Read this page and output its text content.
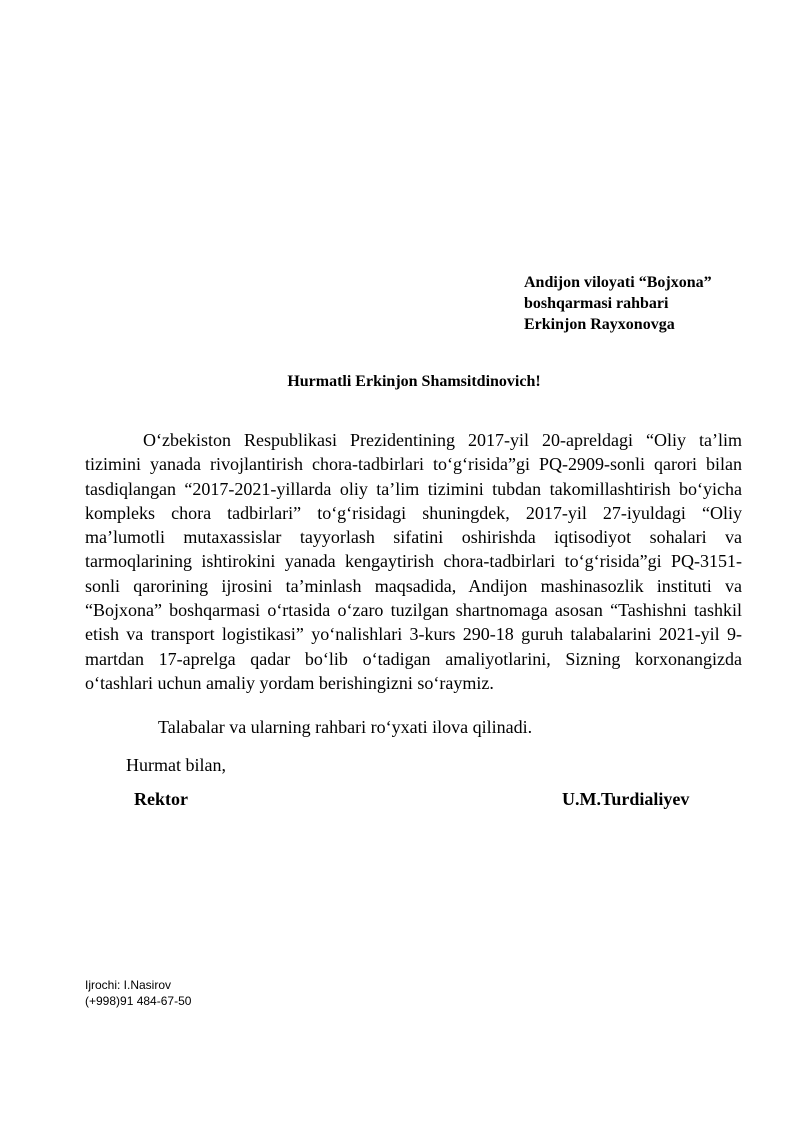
Andijon viloyati “Bojxona”
boshqarmasi rahbari
Erkinjon Rayxonovga
Hurmatli Erkinjon Shamsitdinovich!

O‘zbekiston Respublikasi Prezidentining 2017-yil 20-apreldagi “Oliy ta’lim tizimini yanada rivojlantirish chora-tadbirlari to‘g‘risida”gi PQ-2909-sonli qarori bilan tasdiqlangan “2017-2021-yillarda oliy ta’lim tizimini tubdan takomillashtirish bo‘yicha kompleks chora tadbirlari” to‘g‘risidagi shuningdek, 2017-yil 27-iyuldagi “Oliy ma’lumotli mutaxassislar tayyorlash sifatini oshirishda iqtisodiyot sohalari va tarmoqlarining ishtirokini yanada kengaytirish chora-tadbirlari to‘g‘risida”gi PQ-3151-sonli qarorining ijrosini ta’minlash maqsadida, Andijon mashinasozlik instituti va “Bojxona” boshqarmasi o‘rtasida o‘zaro tuzilgan shartnomaga asosan “Tashishni tashkil etish va transport logistikasi” yo‘nalishlari 3-kurs 290-18 guruh talabalarini 2021-yil 9-martdan 17-aprelga qadar bo‘lib o‘tadigan amaliyotlarini, Sizning korxonangizda o‘tashlari uchun amaliy yordam berishingizni so‘raymiz.

Talabalar va ularning rahbari ro‘yxati ilova qilinadi.

Hurmat bilan,
Rektor	U.M.Turdialiyev
Ijrochi: I.Nasirov
(+998)91 484-67-50
